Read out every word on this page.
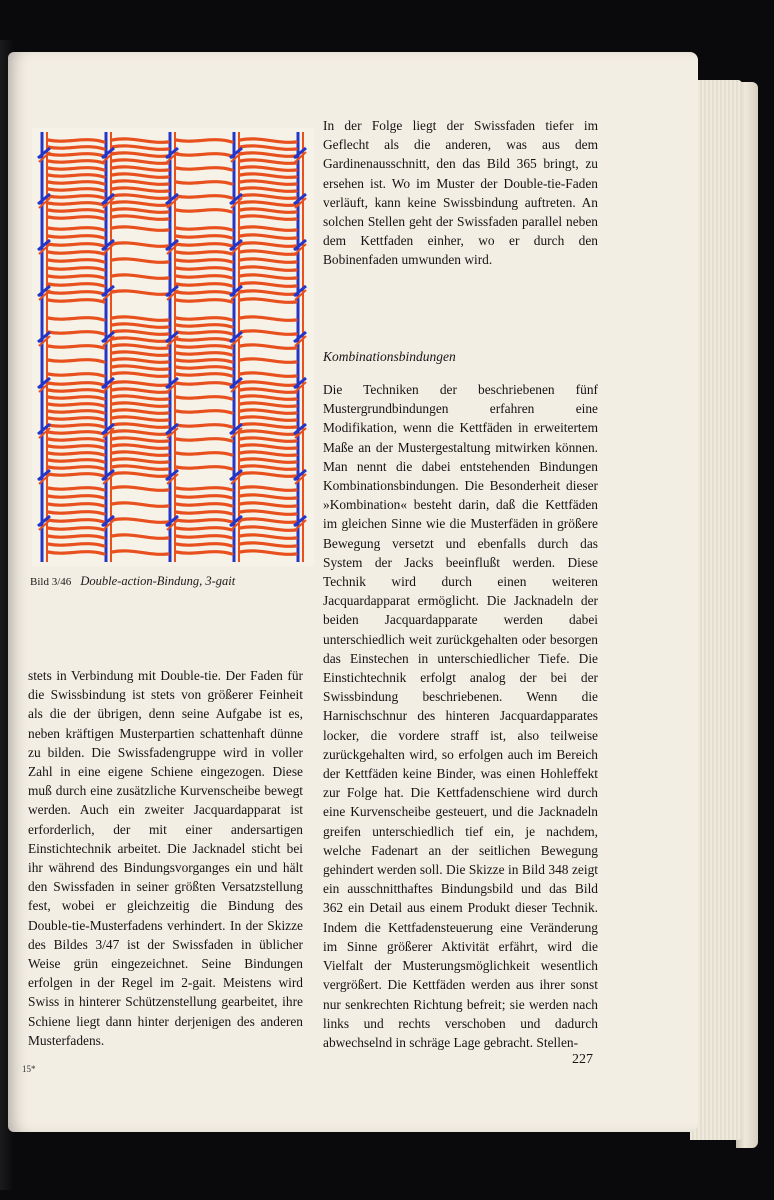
Bild 3/46 Double-action-Bindung, 3-gait

In der Folge liegt der Swissfaden tiefer im Geflecht als die anderen, was aus dem Gardinenausschnitt, den das Bild 365 bringt, zu ersehen ist. Wo im Muster der Double-tie-Faden verläuft, kann keine Swissbindung auftreten. An solchen Stellen geht der Swissfaden parallel neben dem Kettfaden einher, wo er durch den Bobinenfaden umwunden wird.

Kombinationsbindungen

Die Techniken der beschriebenen fünf Mustergrundbindungen erfahren eine Modifikation, wenn die Kettfäden in erweitertem Maße an der Mustergestaltung mitwirken können. Man nennt die dabei entstehenden Bindungen Kombinationsbindungen. Die Besonderheit dieser »Kombination« besteht darin, daß die Kettfäden im gleichen Sinne wie die Musterfäden in größere Bewegung versetzt und ebenfalls durch das System der Jacks beeinflußt werden. Diese Technik wird durch einen weiteren Jacquardapparat ermöglicht. Die Jacknadeln der beiden Jacquardapparate werden dabei unterschiedlich weit zurückgehalten oder besorgen das Einstechen in unterschiedlicher Tiefe. Die Einstichtechnik erfolgt analog der bei der Swissbindung beschriebenen. Wenn die Harnischschnur des hinteren Jacquardapparates locker, die vordere straff ist, also teilweise zurückgehalten wird, so erfolgen auch im Bereich der Kettfäden keine Binder, was einen Hohleffekt zur Folge hat. Die Kettfadenschiene wird durch eine Kurvenscheibe gesteuert, und die Jacknadeln greifen unterschiedlich tief ein, je nachdem, welche Fadenart an der seitlichen Bewegung gehindert werden soll. Die Skizze in Bild 348 zeigt ein ausschnitthaftes Bindungsbild und das Bild 362 ein Detail aus einem Produkt dieser Technik. Indem die Kettfadensteuerung eine Veränderung im Sinne größerer Aktivität erfährt, wird die Vielfalt der Musterungsmöglichkeit wesentlich vergrößert. Die Kettfäden werden aus ihrer sonst nur senkrechten Richtung befreit; sie werden nach links und rechts verschoben und dadurch abwechselnd in schräge Lage gebracht. Stellen-

stets in Verbindung mit Double-tie. Der Faden für die Swissbindung ist stets von größerer Feinheit als die der übrigen, denn seine Aufgabe ist es, neben kräftigen Musterpartien schattenhaft dünne zu bilden. Die Swissfadengruppe wird in voller Zahl in eine eigene Schiene eingezogen. Diese muß durch eine zusätzliche Kurvenscheibe bewegt werden. Auch ein zweiter Jacquardapparat ist erforderlich, der mit einer andersartigen Einstichtechnik arbeitet. Die Jacknadel sticht bei ihr während des Bindungsvorganges ein und hält den Swissfaden in seiner größten Versatzstellung fest, wobei er gleichzeitig die Bindung des Double-tie-Musterfadens verhindert. In der Skizze des Bildes 3/47 ist der Swissfaden in üblicher Weise grün eingezeichnet. Seine Bindungen erfolgen in der Regel im 2-gait. Meistens wird Swiss in hinterer Schützenstellung gearbeitet, ihre Schiene liegt dann hinter derjenigen des anderen Musterfadens.

15*
227
